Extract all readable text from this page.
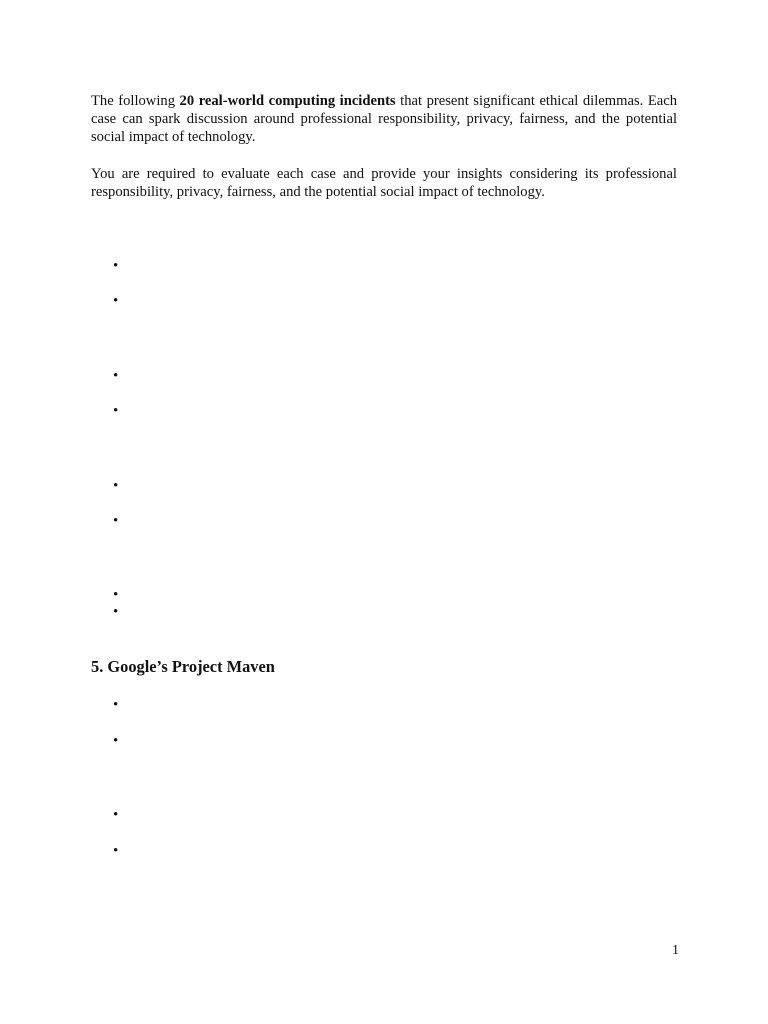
The following 20 real-world computing incidents that present significant ethical dilemmas. Each case can spark discussion around professional responsibility, privacy, fairness, and the potential social impact of technology.

You are required to evaluate each case and provide your insights considering its professional responsibility, privacy, fairness, and the potential social impact of technology.

•
•
•
•
•
•
•
•
5. Google’s Project Maven
•
•
•
•

1
